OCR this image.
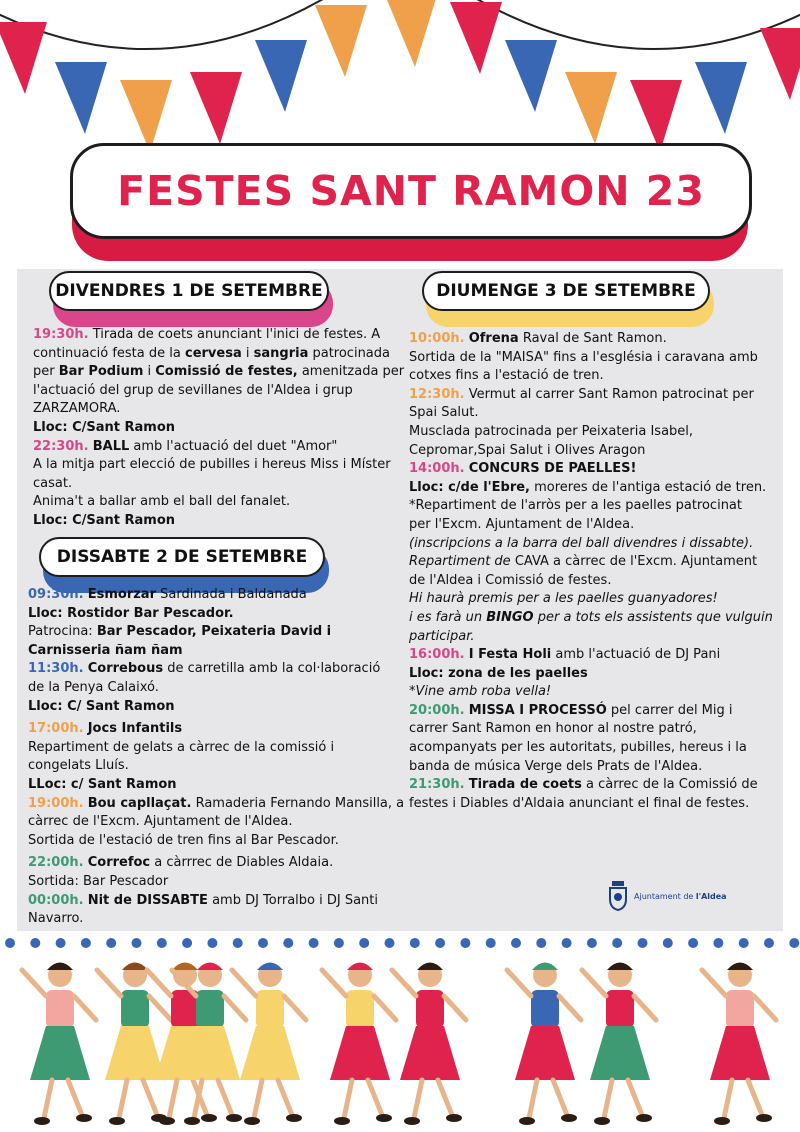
FESTES SANT RAMON 23
DIVENDRES 1 DE SETEMBRE
19:30h. Tirada de coets anunciant l'inici de festes. A
continuació festa de la cervesa i sangria patrocinada
per Bar Podium i Comissió de festes, amenitzada per
l'actuació del grup de sevillanes de l'Aldea i grup
ZARZAMORA.
Lloc: C/Sant Ramon
22:30h. BALL amb l'actuació del duet "Amor"
A la mitja part elecció de pubilles i hereus Miss i Míster
casat.
Anima't a ballar amb el ball del fanalet.
Lloc: C/Sant Ramon
DISSABTE 2 DE SETEMBRE
09:30h. Esmorzar Sardinada i Baldanada
Lloc: Rostidor Bar Pescador.
Patrocina: Bar Pescador, Peixateria David i
Carnisseria ñam ñam
11:30h. Correbous de carretilla amb la col·laboració
de la Penya Calaixó.
Lloc: C/ Sant Ramon
17:00h. Jocs Infantils
Repartiment de gelats a càrrec de la comissió i
congelats Lluís.
LLoc: c/ Sant Ramon
19:00h. Bou capllaçat. Ramaderia Fernando Mansilla, a
càrrec de l'Excm. Ajuntament de l'Aldea.
Sortida de l'estació de tren fins al Bar Pescador.
22:00h. Correfoc a càrrrec de Diables Aldaia.
Sortida: Bar Pescador
00:00h. Nit de DISSABTE amb DJ Torralbo i DJ Santi
Navarro.
DIUMENGE 3 DE SETEMBRE
10:00h. Ofrena Raval de Sant Ramon.
Sortida de la "MAISA" fins a l'església i caravana amb
cotxes fins a l'estació de tren.
12:30h. Vermut al carrer Sant Ramon patrocinat per
Spai Salut.
Musclada patrocinada per Peixateria Isabel,
Cepromar,Spai Salut i Olives Aragon
14:00h. CONCURS DE PAELLES!
Lloc: c/de l'Ebre, moreres de l'antiga estació de tren.
*Repartiment de l'arròs per a les paelles patrocinat
per l'Excm. Ajuntament de l'Aldea.
(inscripcions a la barra del ball divendres i dissabte).
Repartiment de CAVA a càrrec de l'Excm. Ajuntament
de l'Aldea i Comissió de festes.
Hi haurà premis per a les paelles guanyadores!
i es farà un BINGO per a tots els assistents que vulguin
participar.
16:00h. I Festa Holi amb l'actuació de DJ Pani
Lloc: zona de les paelles
*Vine amb roba vella!
20:00h. MISSA I PROCESSÓ pel carrer del Mig i
carrer Sant Ramon en honor al nostre patró,
acompanyats per les autoritats, pubilles, hereus i la
banda de música Verge dels Prats de l'Aldea.
21:30h. Tirada de coets a càrrec de la Comissió de
festes i Diables d'Aldaia anunciant el final de festes.
Ajuntament de l'Aldea
